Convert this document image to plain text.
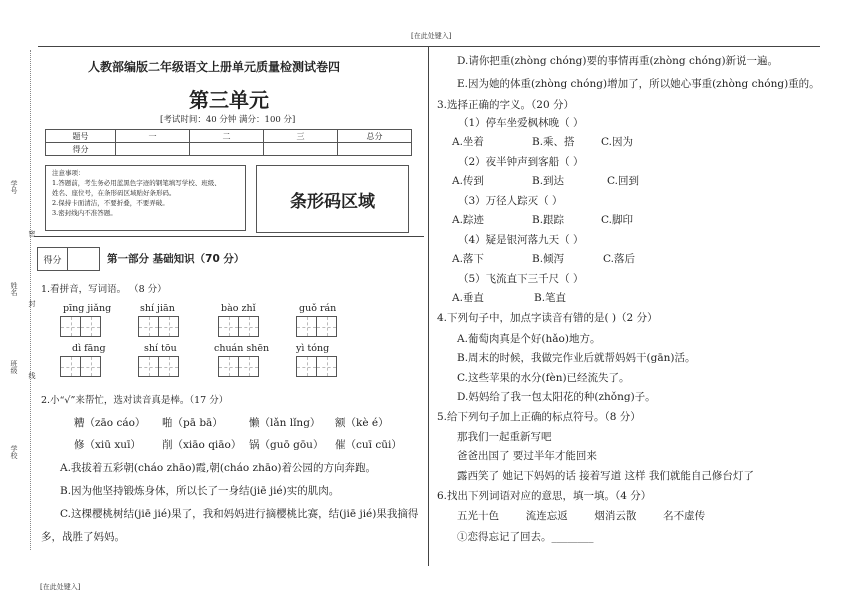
[在此处键入]
[在此处键入]
学号
姓名
班级
学校
密
封
线
人教部编版二年级语文上册单元质量检测试卷四
第三单元
[考试时间：40 分钟 满分：100 分]
题号	一	二	三	总分
得分				
注意事项：
1.答题前，考生务必用蓝黑色字迹的钢笔填写学校、班级、
姓名、座位号，在条形码区域贴好条形码。
2.保持卡面清洁，不要折叠，不要弄破。
3.密封线内不准答题。
条形码区域
得分	第一部分 基础知识（70 分）
1.看拼音，写词语。 （8 分）
pīng jiǎng	shí jiān	bào zhǐ	guǒ rán
dì fāng	shí tōu	chuán shēn	yì tóng
2.小“√”来帮忙，选对读音真是棒。（17 分）
糟（zāo cáo） 啪（pā bā） 懒（lǎn lǐng） 额（kè é）
修（xiū xuī） 削（xiāo qiāo） 锅（guō gōu） 催（cuī cūi）
A.我拔着五彩朝(cháo zhāo)霞,朝(cháo zhāo)着公园的方向奔跑。
B.因为他坚持锻炼身体，所以长了一身结(jiē jié)实的肌肉。
C.这棵樱桃树结(jiē jié)果了，我和妈妈进行摘樱桃比赛，结(jiē jié)果我摘得
多，战胜了妈妈。
D.请你把重(zhòng chóng)要的事情再重(zhòng chóng)新说一遍。
E.因为她的体重(zhòng chóng)增加了，所以她心事重(zhòng chóng)重的。
3.选择正确的字义。（20 分）
（1）停车坐爱枫林晚（ ）
A.坐着	B.乘、搭	C.因为
（2）夜半钟声到客船（ ）
A.传到	B.到达	C.回到
（3）万径人踪灭（ ）
A.踪迹	B.跟踪	C.脚印
（4）疑是银河落九天（ ）
A.落下	B.倾泻	C.落后
（5）飞流直下三千尺（ ）
A.垂直	B.笔直
4.下列句子中，加点字读音有错的是( )（2 分）
A.葡萄肉真是个好(hǎo)地方。
B.周末的时候，我做完作业后就帮妈妈干(gān)活。
C.这些苹果的水分(fèn)已经流失了。
D.妈妈给了我一包太阳花的种(zhǒng)子。
5.给下列句子加上正确的标点符号。（8 分）
那我们一起重新写吧
爸爸出国了 要过半年才能回来
露西笑了 她记下妈妈的话 接着写道 这样 我们就能自己修台灯了
6.找出下列词语对应的意思，填一填。（4 分）
五光十色        流连忘返        烟消云散        名不虚传
①恋得忘记了回去。________
